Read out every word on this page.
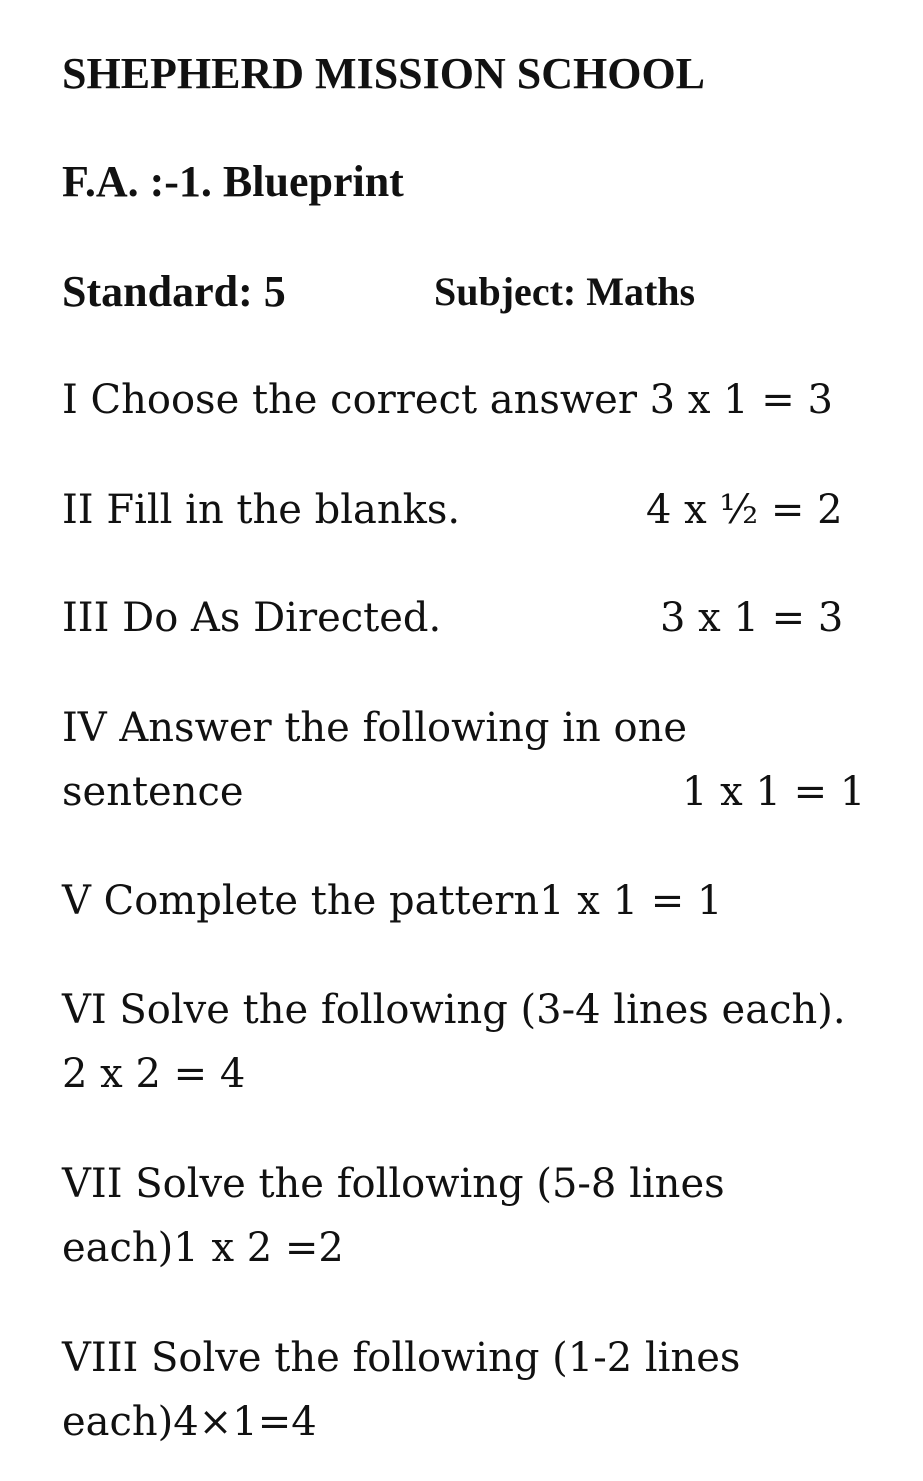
SHEPHERD MISSION SCHOOL
F.A. :-1. Blueprint
Standard: 5	Subject: Maths
I Choose the correct answer 3 x 1 = 3
II Fill in the blanks.	4 x ½ = 2
III Do As Directed.	3 x 1 = 3
IV Answer the following in one
sentence	1 x 1 = 1
V Complete the pattern1 x 1 = 1
VI Solve the following (3-4 lines each).
2 x 2 = 4
VII Solve the following (5-8 lines
each)1 x 2 =2
VIII Solve the following (1-2 lines
each)4×1=4
